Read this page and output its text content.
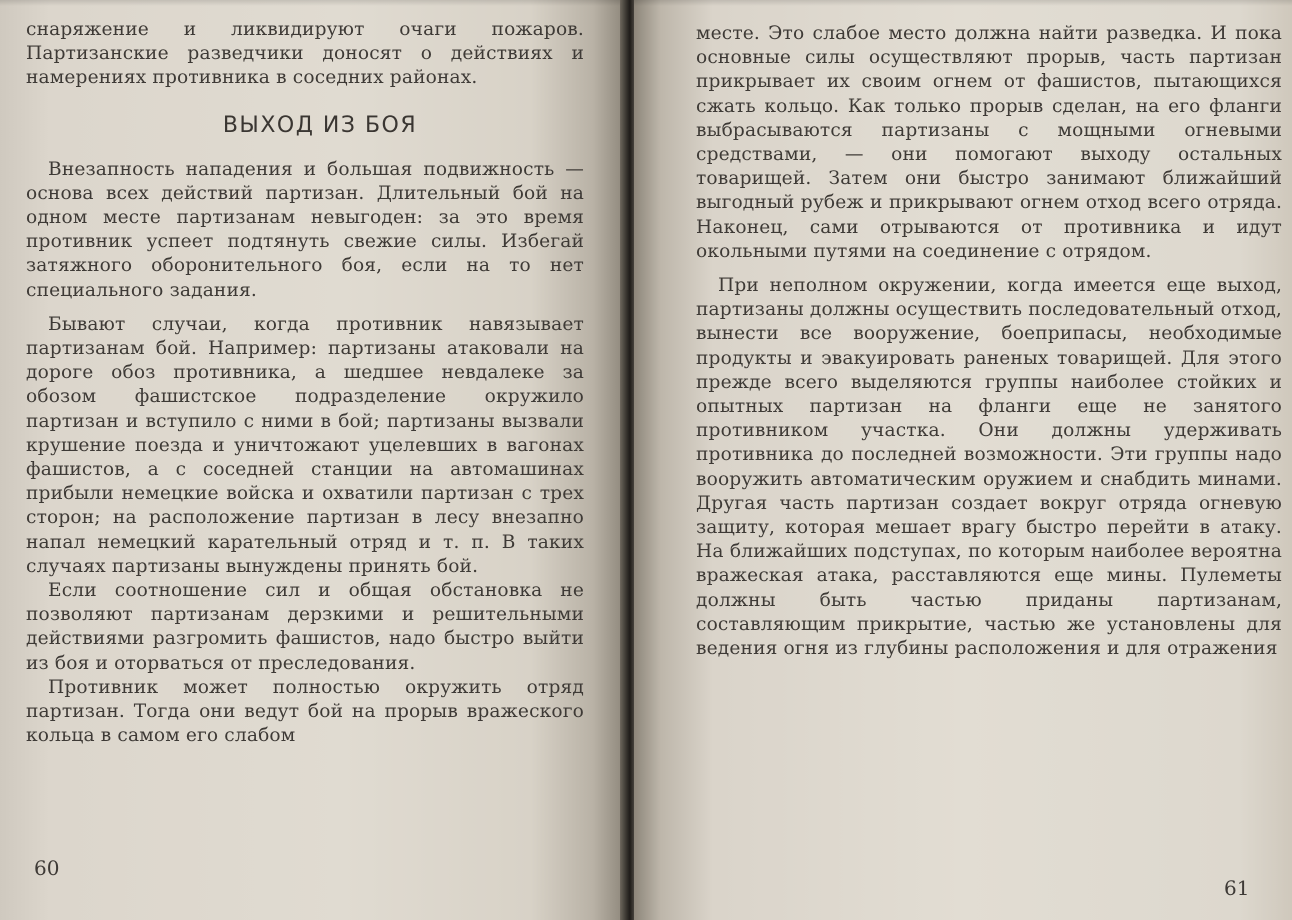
снаряжение и ликвидируют очаги пожаров. Партизанские разведчики доносят о действиях и намерениях противника в соседних районах.

ВЫХОД ИЗ БОЯ

Внезапность нападения и большая подвижность — основа всех действий партизан. Длительный бой на одном месте партизанам невыгоден: за это время противник успеет подтянуть свежие силы. Избегай затяжного оборонительного боя, если на то нет специального задания.

Бывают случаи, когда противник навязывает партизанам бой. Например: партизаны атаковали на дороге обоз противника, а шедшее невдалеке за обозом фашистское подразделение окружило партизан и вступило с ними в бой; партизаны вызвали крушение поезда и уничтожают уцелевших в вагонах фашистов, а с соседней станции на автомашинах прибыли немецкие войска и охватили партизан с трех сторон; на расположение партизан в лесу внезапно напал немецкий карательный отряд и т. п. В таких случаях партизаны вынуждены принять бой.

Если соотношение сил и общая обстановка не позволяют партизанам дерзкими и решительными действиями разгромить фашистов, надо быстро выйти из боя и оторваться от преследования.

Противник может полностью окружить отряд партизан. Тогда они ведут бой на прорыв вражеского кольца в самом его слабом

60

месте. Это слабое место должна найти разведка. И пока основные силы осуществляют прорыв, часть партизан прикрывает их своим огнем от фашистов, пытающихся сжать кольцо. Как только прорыв сделан, на его фланги выбрасываются партизаны с мощными огневыми средствами, — они помогают выходу остальных товарищей. Затем они быстро занимают ближайший выгодный рубеж и прикрывают огнем отход всего отряда. Наконец, сами отрываются от противника и идут окольными путями на соединение с отрядом.

При неполном окружении, когда имеется еще выход, партизаны должны осуществить последовательный отход, вынести все вооружение, боеприпасы, необходимые продукты и эвакуировать раненых товарищей. Для этого прежде всего выделяются группы наиболее стойких и опытных партизан на фланги еще не занятого противником участка. Они должны удерживать противника до последней возможности. Эти группы надо вооружить автоматическим оружием и снабдить минами. Другая часть партизан создает вокруг отряда огневую защиту, которая мешает врагу быстро перейти в атаку. На ближайших подступах, по которым наиболее вероятна вражеская атака, расставляются еще мины. Пулеметы должны быть частью приданы партизанам, составляющим прикрытие, частью же установлены для ведения огня из глубины расположения и для отражения

61
